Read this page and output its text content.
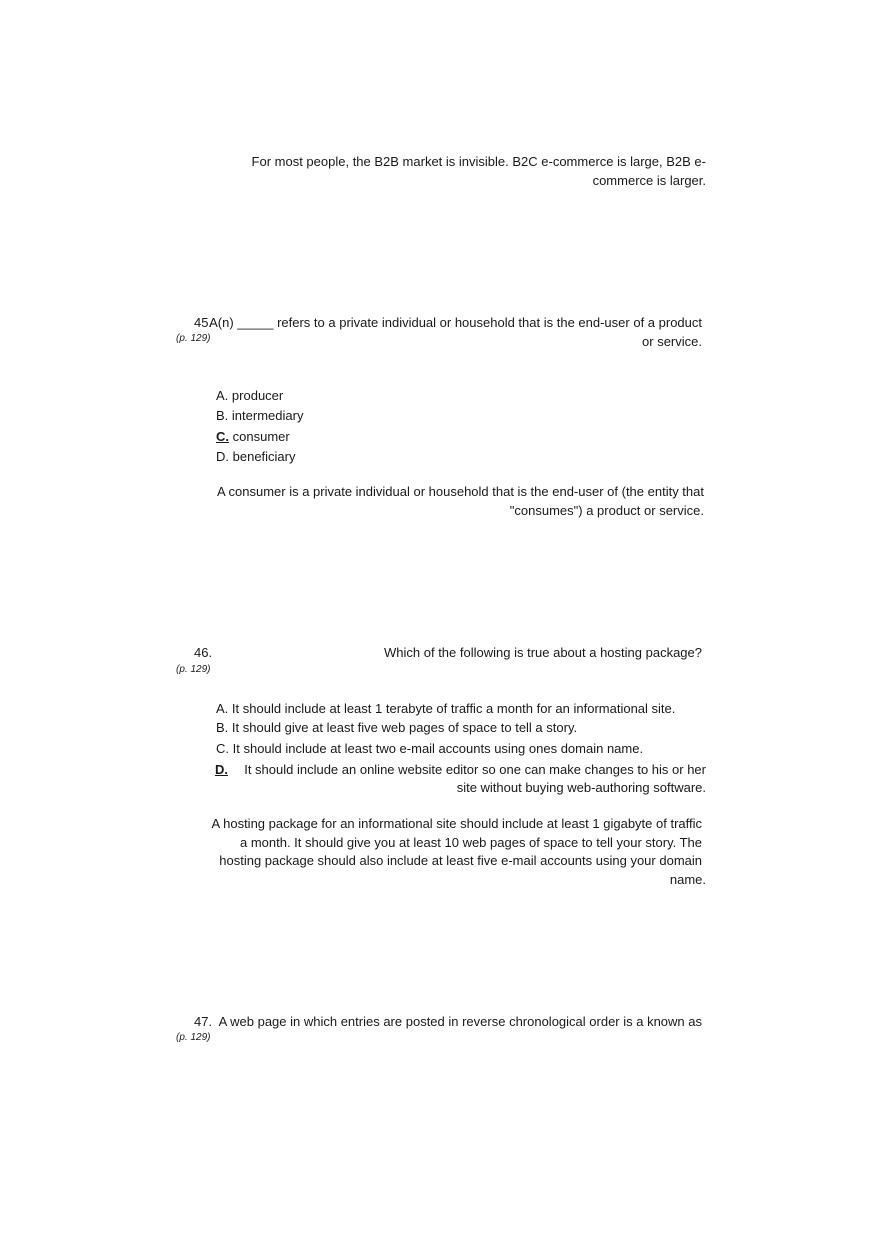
For most people, the B2B market is invisible. B2C e-commerce is large, B2B e-
commerce is larger.
45.
(p. 129)
A(n) _____ refers to a private individual or household that is the end-user of a product
or service.
A. producer
B. intermediary
C. consumer
D. beneficiary
A consumer is a private individual or household that is the end-user of (the entity that
"consumes") a product or service.
46.
(p. 129)
Which of the following is true about a hosting package?
A. It should include at least 1 terabyte of traffic a month for an informational site.
B. It should give at least five web pages of space to tell a story.
C. It should include at least two e-mail accounts using ones domain name.
D. It should include an online website editor so one can make changes to his or her
site without buying web-authoring software.
A hosting package for an informational site should include at least 1 gigabyte of traffic
a month. It should give you at least 10 web pages of space to tell your story. The
hosting package should also include at least five e-mail accounts using your domain
name.
47.
(p. 129)
A web page in which entries are posted in reverse chronological order is a known as
